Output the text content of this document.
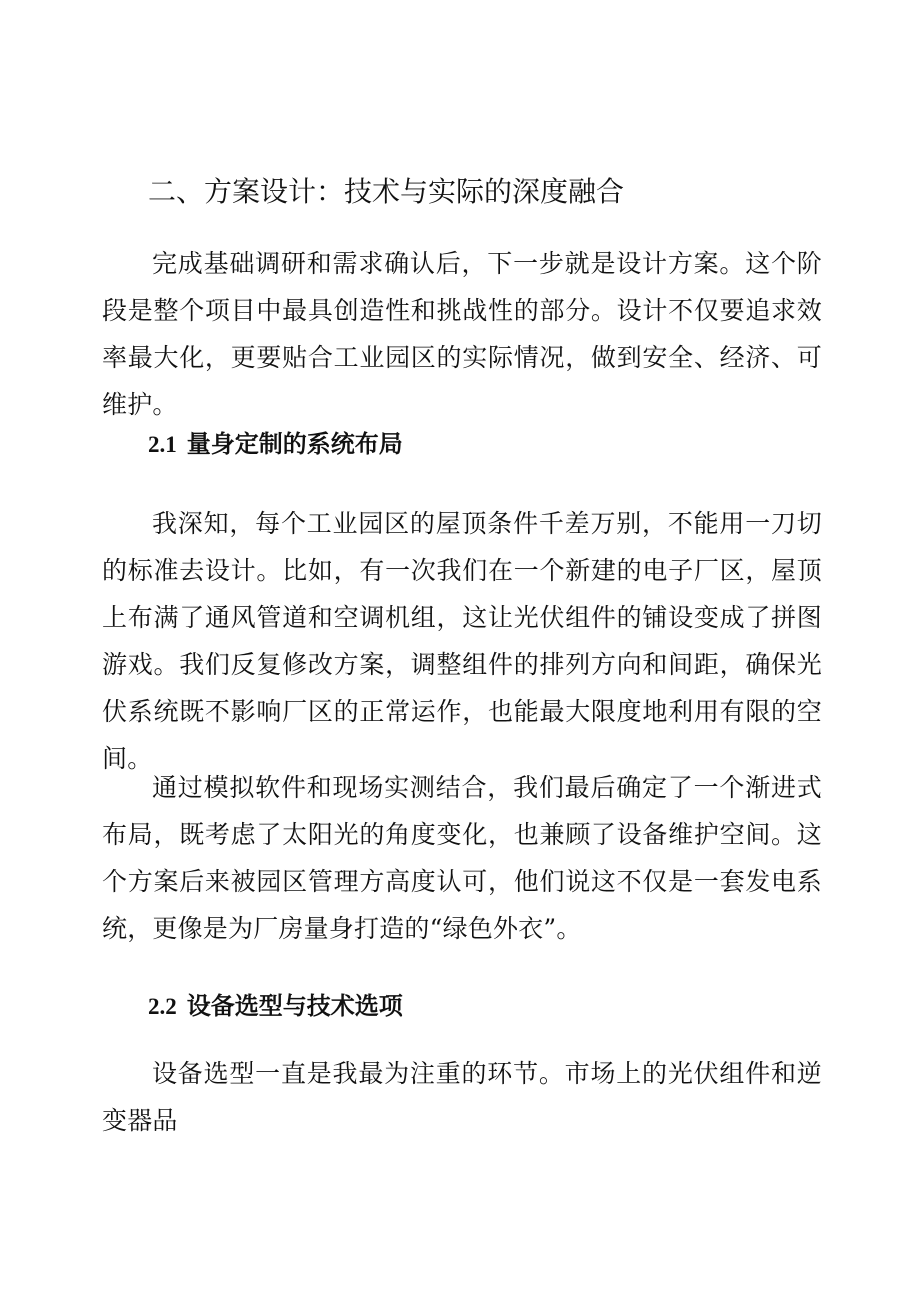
二、方案设计：技术与实际的深度融合

完成基础调研和需求确认后，下一步就是设计方案。这个阶段是整个项目中最具创造性和挑战性的部分。设计不仅要追求效率最大化，更要贴合工业园区的实际情况，做到安全、经济、可维护。

2.1 量身定制的系统布局

我深知，每个工业园区的屋顶条件千差万别，不能用一刀切的标准去设计。比如，有一次我们在一个新建的电子厂区，屋顶上布满了通风管道和空调机组，这让光伏组件的铺设变成了拼图游戏。我们反复修改方案，调整组件的排列方向和间距，确保光伏系统既不影响厂区的正常运作，也能最大限度地利用有限的空间。

通过模拟软件和现场实测结合，我们最后确定了一个渐进式布局，既考虑了太阳光的角度变化，也兼顾了设备维护空间。这个方案后来被园区管理方高度认可，他们说这不仅是一套发电系统，更像是为厂房量身打造的“绿色外衣”。

2.2 设备选型与技术选项

设备选型一直是我最为注重的环节。市场上的光伏组件和逆变器品
